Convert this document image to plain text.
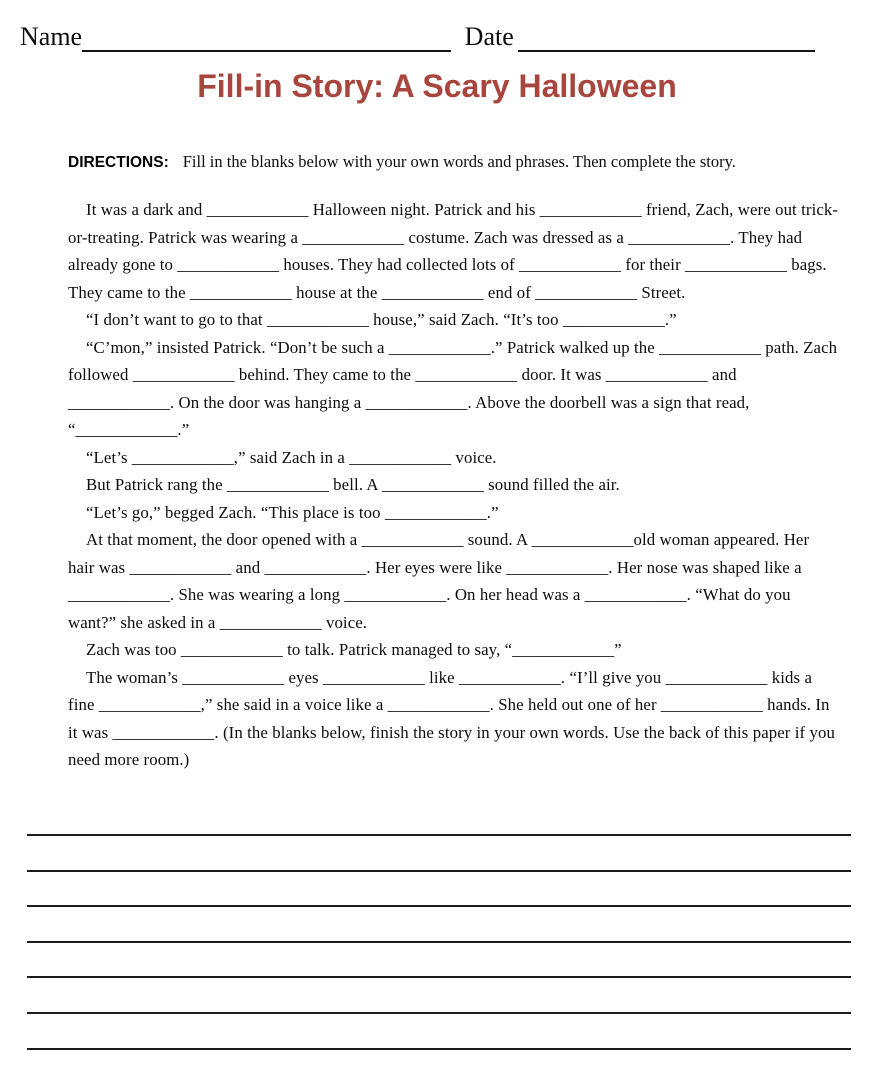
Name	Date
Fill-in Story: A Scary Halloween
DIRECTIONS: Fill in the blanks below with your own words and phrases. Then complete the story.

It was a dark and ____________ Halloween night. Patrick and his ____________ friend, Zach, were out trick-or-treating. Patrick was wearing a ____________ costume. Zach was dressed as a ____________. They had already gone to ____________ houses. They had collected lots of ____________ for their ____________ bags. They came to the ____________ house at the ____________ end of ____________ Street.

“I don’t want to go to that ____________ house,” said Zach. “It’s too ____________.”

“C’mon,” insisted Patrick. “Don’t be such a ____________.” Patrick walked up the ____________ path. Zach followed ____________ behind. They came to the ____________ door. It was ____________ and ____________. On the door was hanging a ____________. Above the doorbell was a sign that read, “____________.”

“Let’s ____________,” said Zach in a ____________ voice.

But Patrick rang the ____________ bell. A ____________ sound filled the air.

“Let’s go,” begged Zach. “This place is too ____________.”

At that moment, the door opened with a ____________ sound. A ____________old woman appeared. Her hair was ____________ and ____________. Her eyes were like ____________. Her nose was shaped like a ____________. She was wearing a long ____________. On her head was a ____________. “What do you want?” she asked in a ____________ voice.

Zach was too ____________ to talk. Patrick managed to say, “____________”

The woman’s ____________ eyes ____________ like ____________. “I’ll give you ____________ kids a fine ____________,” she said in a voice like a ____________. She held out one of her ____________ hands. In it was ____________. (In the blanks below, finish the story in your own words. Use the back of this paper if you need more room.)
